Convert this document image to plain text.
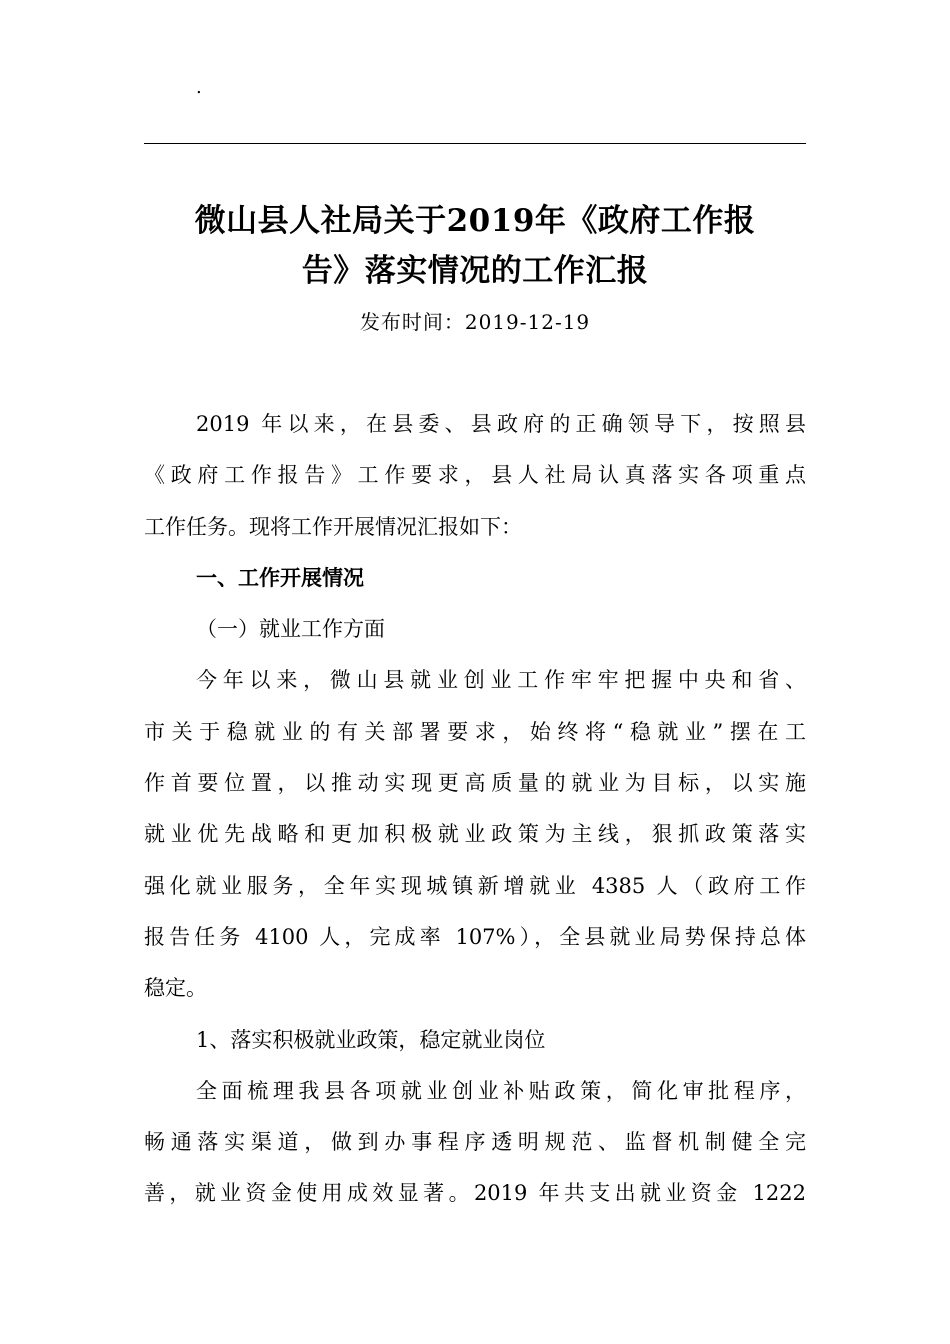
.
微山县人社局关于2019年《政府工作报
告》落实情况的工作汇报
发布时间：2019-12-19
2019 年以来，在县委、县政府的正确领导下，按照县
《政府工作报告》工作要求，县人社局认真落实各项重点
工作任务。现将工作开展情况汇报如下：
一、工作开展情况
（一）就业工作方面
今年以来，微山县就业创业工作牢牢把握中央和省、
市关于稳就业的有关部署要求，始终将“稳就业”摆在工
作首要位置，以推动实现更高质量的就业为目标，以实施
就业优先战略和更加积极就业政策为主线，狠抓政策落实
强化就业服务，全年实现城镇新增就业 4385 人（政府工作
报告任务 4100 人，完成率 107%），全县就业局势保持总体
稳定。
1、落实积极就业政策，稳定就业岗位
全面梳理我县各项就业创业补贴政策，简化审批程序，
畅通落实渠道，做到办事程序透明规范、监督机制健全完
善，就业资金使用成效显著。2019 年共支出就业资金 1222
